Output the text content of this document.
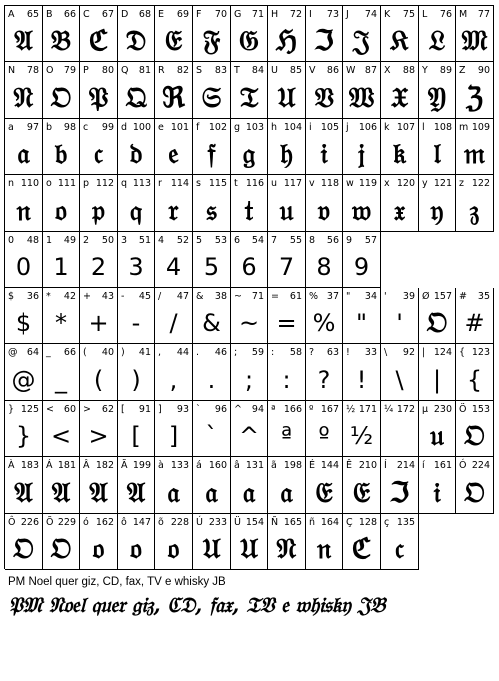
A 65
𝔄
B 66
𝔅
C 67
ℭ
D 68
𝔇
E 69
𝔈
F 70
𝔉
G 71
𝔊
H 72
ℌ
I 73
ℑ
J 74
𝔍
K 75
𝔎
L 76
𝔏
M 77
𝔐
N 78
𝔑
O 79
𝔒
P 80
𝔓
Q 81
𝔔
R 82
ℜ
S 83
𝔖
T 84
𝔗
U 85
𝔘
V 86
𝔙
W 87
𝔚
X 88
𝔛
Y 89
𝔜
Z 90
ℨ
a 97
𝔞
b 98
𝔟
c 99
𝔠
d 100
𝔡
e 101
𝔢
f 102
𝔣
g 103
𝔤
h 104
𝔥
i 105
𝔦
j 106
𝔧
k 107
𝔨
l 108
𝔩
m 109
𝔪
n 110
𝔫
o 111
𝔬
p 112
𝔭
q 113
𝔮
r 114
𝔯
s 115
𝔰
t 116
𝔱
u 117
𝔲
v 118
𝔳
w 119
𝔴
x 120
𝔵
y 121
𝔶
z 122
𝔷
0 48
0
1 49
1
2 50
2
3 51
3
4 52
4
5 53
5
6 54
6
7 55
7
8 56
8
9 57
9
$ 36
$
* 42
*
+ 43
+
- 45
-
/ 47
/
& 38
&
~ 71
~
= 61
=
% 37
%
" 34
"
' 39
'
Ø 157
𝔒
# 35
#
@ 64
@
_ 66
_
( 40
(
) 41
)
, 44
,
. 46
.
; 59
;
: 58
:
? 63
?
! 33
!
\ 92
\
| 124
|
{ 123
{
} 125
}
< 60
<
> 62
>
[ 91
[
] 93
]
` 96
`
^ 94
^
ª 166
ª
º 167
º
½ 171
½
¼ 172 µ 230
𝔲
Ö 153
𝔒
À 183
𝔄
Á 181
𝔄
Â 182
𝔄
Ã 199
𝔄
à 133
𝔞
á 160
𝔞
â 131
𝔞
ã 198
𝔞
É 144
𝔈
Ê 210
𝔈
Í 214
ℑ
í 161
𝔦
Ó 224
𝔒
Ô 226
𝔒
Õ 229
𝔒
ó 162
𝔬
ô 147
𝔬
õ 228
𝔬
Ú 233
𝔘
Ü 154
𝔘
Ñ 165
𝔑
ñ 164
𝔫
Ç 128
ℭ
ç 135
𝔠
PM Noel quer giz, CD, fax, TV e whisky JB
𝔓𝔐 𝔑𝔬𝔢𝔩 𝔮𝔲𝔢𝔯 𝔤𝔦𝔷, ℭ𝔇, 𝔣𝔞𝔵, 𝔗𝔙 𝔢 𝔴𝔥𝔦𝔰𝔨𝔶 𝔍𝔅
